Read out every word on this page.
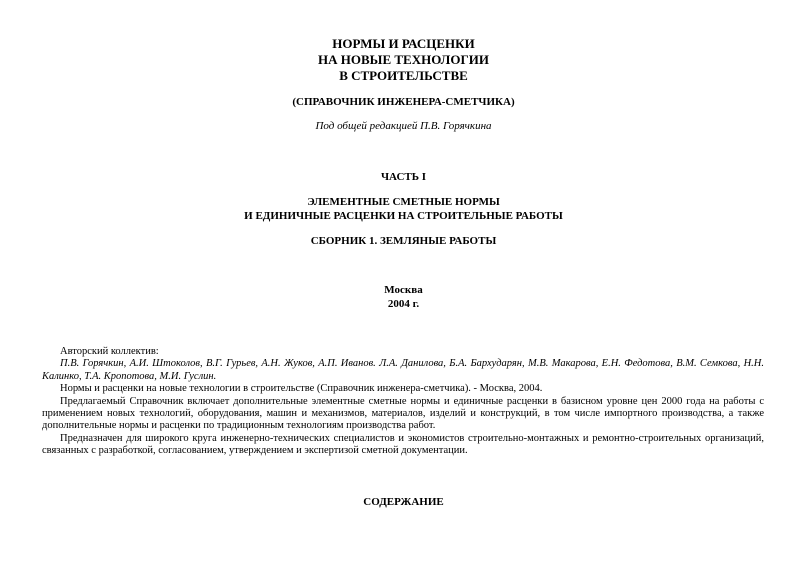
НОРМЫ И РАСЦЕНКИ
НА НОВЫЕ ТЕХНОЛОГИИ
В СТРОИТЕЛЬСТВЕ
(СПРАВОЧНИК ИНЖЕНЕРА-СМЕТЧИКА)
Под общей редакцией П.В. Горячкина
ЧАСТЬ I
ЭЛЕМЕНТНЫЕ СМЕТНЫЕ НОРМЫ
И ЕДИНИЧНЫЕ РАСЦЕНКИ НА СТРОИТЕЛЬНЫЕ РАБОТЫ
СБОРНИК 1. ЗЕМЛЯНЫЕ РАБОТЫ
Москва
2004 г.

Авторский коллектив:

П.В. Горячкин, А.И. Штоколов, В.Г. Гурьев, А.Н. Жуков, А.П. Иванов. Л.А. Данилова, Б.А. Бархударян, М.В. Макарова, Е.Н. Федотова, В.М. Семкова, Н.Н. Калинко, Т.А. Кропотова, М.И. Гуслин.

Нормы и расценки на новые технологии в строительстве (Справочник инженера-сметчика). - Москва, 2004.

Предлагаемый Справочник включает дополнительные элементные сметные нормы и единичные расценки в базисном уровне цен 2000 года на работы с применением новых технологий, оборудования, машин и механизмов, материалов, изделий и конструкций, в том числе импортного производства, а также дополнительные нормы и расценки по традиционным технологиям производства работ.

Предназначен для широкого круга инженерно-технических специалистов и экономистов строительно-монтажных и ремонтно-строительных организаций, связанных с разработкой, согласованием, утверждением и экспертизой сметной документации.

СОДЕРЖАНИЕ
